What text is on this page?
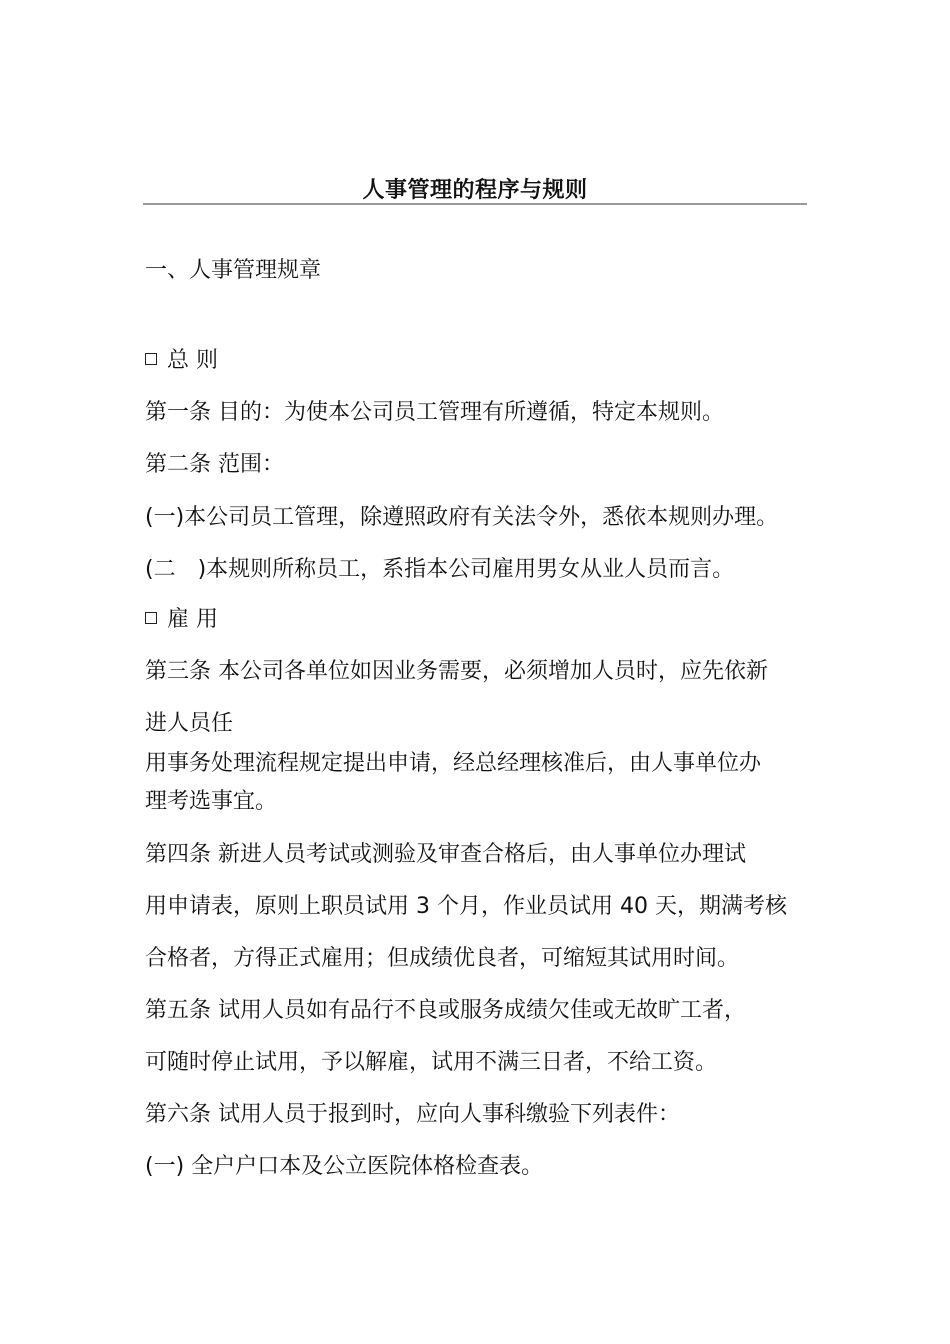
人事管理的程序与规则
一、人事管理规章
总 则
第一条 目的：为使本公司员工管理有所遵循，特定本规则。
第二条 范围：
(一)本公司员工管理，除遵照政府有关法令外，悉依本规则办理。
(二　)本规则所称员工，系指本公司雇用男女从业人员而言。
雇 用
第三条 本公司各单位如因业务需要，必须增加人员时，应先依新
进人员任
用事务处理流程规定提出申请，经总经理核准后，由人事单位办
理考选事宜。
第四条 新进人员考试或测验及审查合格后，由人事单位办理试
用申请表，原则上职员试用 3 个月，作业员试用 40 天，期满考核
合格者，方得正式雇用；但成绩优良者，可缩短其试用时间。
第五条 试用人员如有品行不良或服务成绩欠佳或无故旷工者，
可随时停止试用，予以解雇，试用不满三日者，不给工资。
第六条 试用人员于报到时，应向人事科缴验下列表件：
(一) 全户户口本及公立医院体格检查表。
